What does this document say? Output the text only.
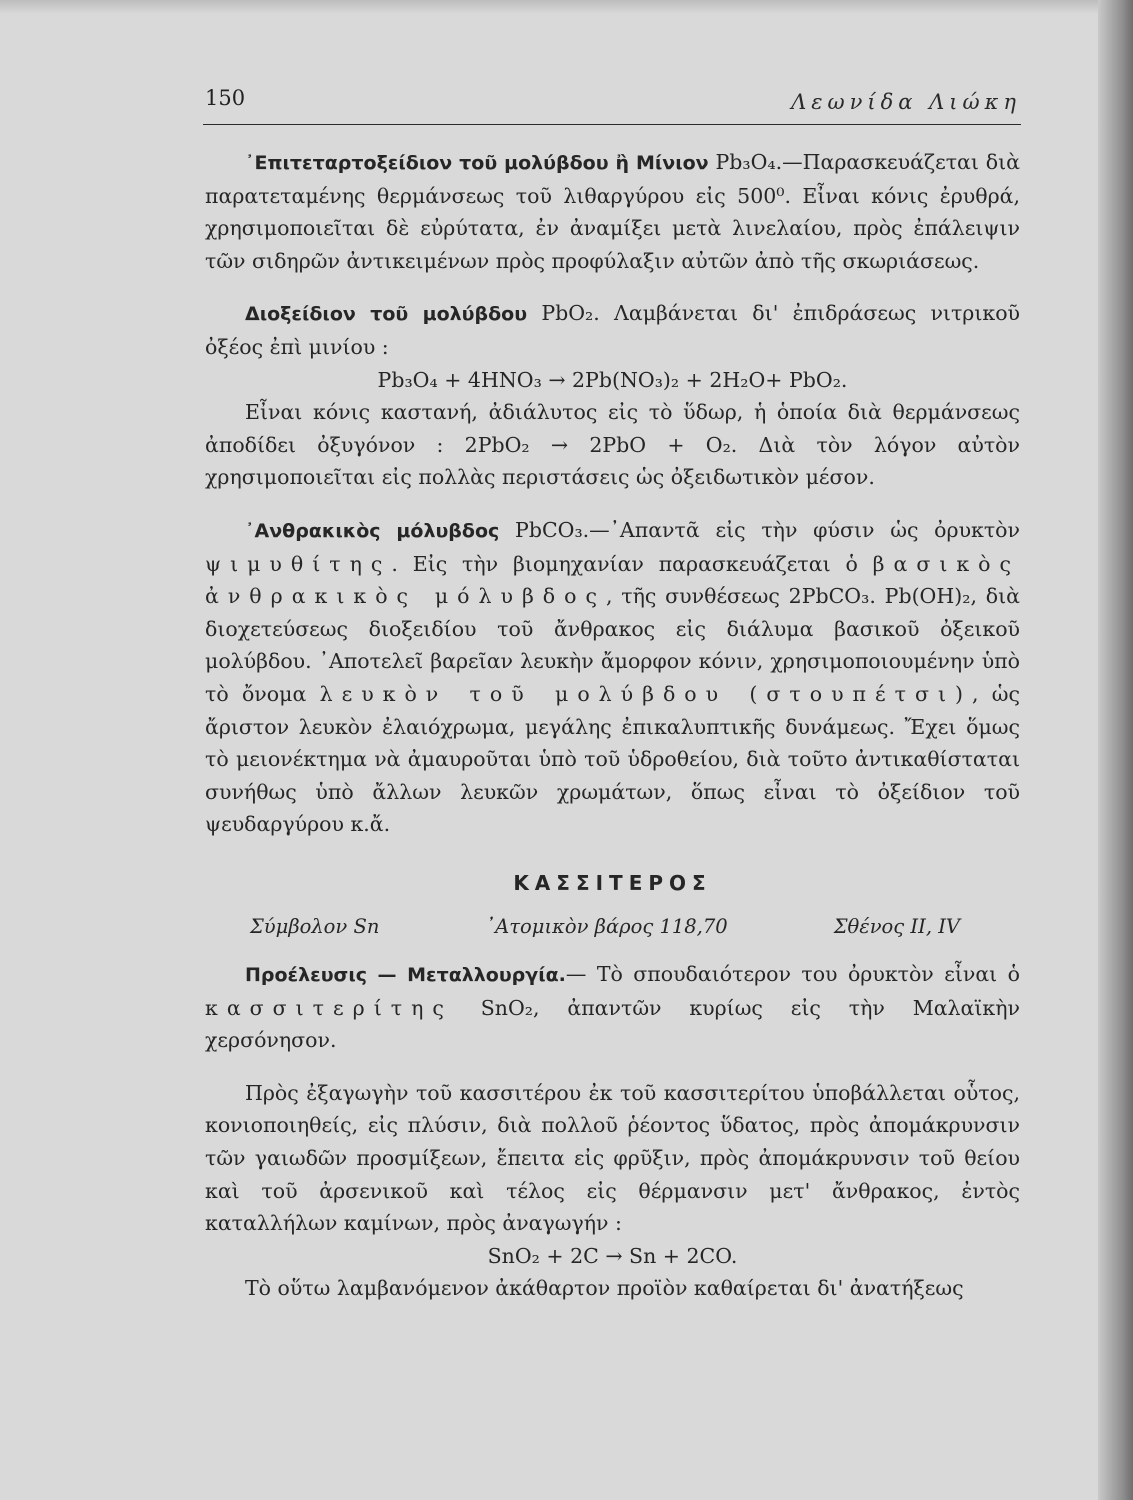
150	Λεωνίδα Λιώκη

᾿Επιτεταρτοξείδιον τοῦ μολύβδου ἢ Μίνιον Pb₃O₄.—Παρασκευάζεται διὰ παρατεταμένης θερμάνσεως τοῦ λιθαργύρου εἰς 500⁰. Εἶναι κόνις ἐρυθρά, χρησιμοποιεῖται δὲ εὐρύτατα, ἐν ἀναμίξει μετὰ λινελαίου, πρὸς ἐπάλειψιν τῶν σιδηρῶν ἀντικειμένων πρὸς προφύλαξιν αὐτῶν ἀπὸ τῆς σκωριάσεως.

Διοξείδιον τοῦ μολύβδου PbO₂. Λαμβάνεται δι' ἐπιδράσεως νιτρικοῦ ὀξέος ἐπὶ μινίου :

Pb₃O₄ + 4HNO₃ → 2Pb(NO₃)₂ + 2H₂O+ PbO₂.

Εἶναι κόνις καστανή, ἀδιάλυτος εἰς τὸ ὕδωρ, ἡ ὁποία διὰ θερμάνσεως ἀποδίδει ὀξυγόνον : 2PbO₂ → 2PbO + O₂. Διὰ τὸν λόγον αὐτὸν χρησιμοποιεῖται εἰς πολλὰς περιστάσεις ὡς ὀξειδωτικὸν μέσον.

᾿Ανθρακικὸς μόλυβδος PbCO₃.—᾿Απαντᾶ εἰς τὴν φύσιν ὡς ὀρυκτὸν ψιμυθίτης. Εἰς τὴν βιομηχανίαν παρασκευάζεται ὁ βασικὸς ἀνθρακικὸς μόλυβδος, τῆς συνθέσεως 2PbCO₃. Pb(OH)₂, διὰ διοχετεύσεως διοξειδίου τοῦ ἄνθρακος εἰς διάλυμα βασικοῦ ὀξεικοῦ μολύβδου. ᾿Αποτελεῖ βαρεῖαν λευκὴν ἄμορφον κόνιν, χρησιμοποιουμένην ὑπὸ τὸ ὄνομα λευκὸν τοῦ μολύβδου (στουπέτσι), ὡς ἄριστον λευκὸν ἐλαιόχρωμα, μεγάλης ἐπικαλυπτικῆς δυνάμεως. Ἔχει ὅμως τὸ μειονέκτημα νὰ ἀμαυροῦται ὑπὸ τοῦ ὑδροθείου, διὰ τοῦτο ἀντικαθίσταται συνήθως ὑπὸ ἄλλων λευκῶν χρωμάτων, ὅπως εἶναι τὸ ὀξείδιον τοῦ ψευδαργύρου κ.ἄ.

ΚΑΣΣΙΤΕΡΟΣ

Σύμβολον Sn	᾿Ατομικὸν βάρος 118,70	Σθένος II, IV

Προέλευσις — Μεταλλουργία.— Τὸ σπουδαιότερον του ὀρυκτὸν εἶναι ὁ κασσιτερίτης SnO₂, ἀπαντῶν κυρίως εἰς τὴν Μαλαϊκὴν χερσόνησον.

Πρὸς ἐξαγωγὴν τοῦ κασσιτέρου ἐκ τοῦ κασσιτερίτου ὑποβάλλεται οὗτος, κονιοποιηθείς, εἰς πλύσιν, διὰ πολλοῦ ῥέοντος ὕδατος, πρὸς ἀπομάκρυνσιν τῶν γαιωδῶν προσμίξεων, ἔπειτα εἰς φρῦξιν, πρὸς ἀπομάκρυνσιν τοῦ θείου καὶ τοῦ ἀρσενικοῦ καὶ τέλος εἰς θέρμανσιν μετ' ἄνθρακος, ἐντὸς καταλλήλων καμίνων, πρὸς ἀναγωγήν :

SnO₂ + 2C → Sn + 2CO.

Τὸ οὕτω λαμβανόμενον ἀκάθαρτον προϊὸν καθαίρεται δι' ἀνατήξεως
